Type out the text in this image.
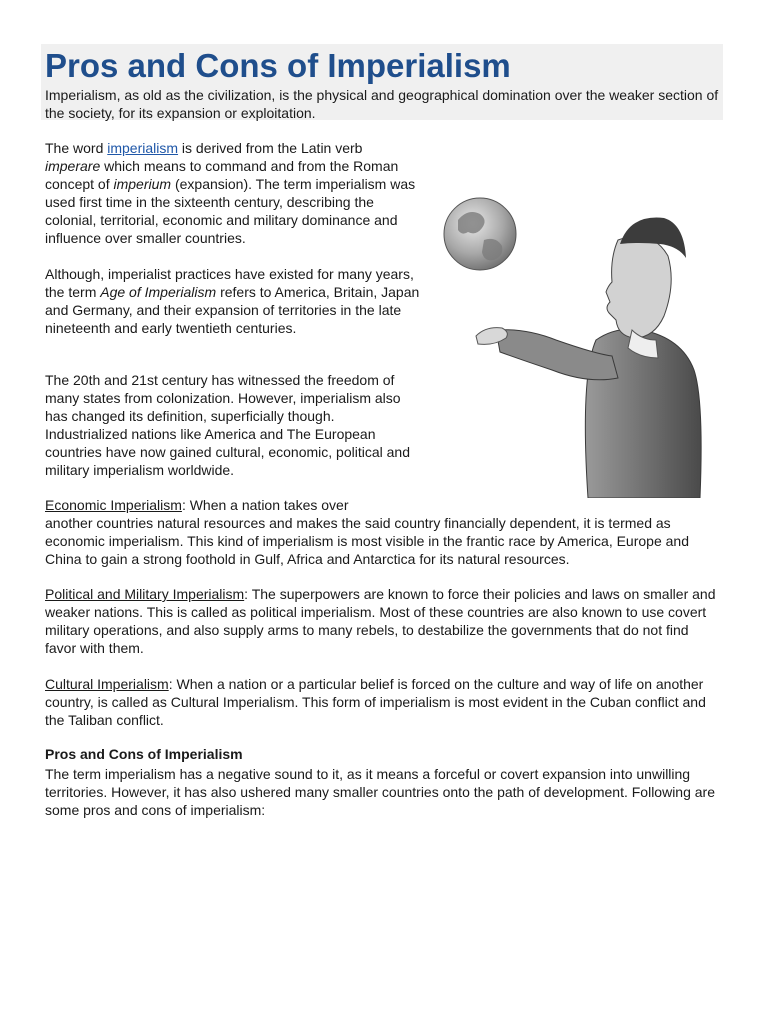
Pros and Cons of Imperialism

Imperialism, as old as the civilization, is the physical and geographical domination over the weaker section of the society, for its expansion or exploitation.

The word imperialism is derived from the Latin verb imperare which means to command and from the Roman concept of imperium (expansion). The term imperialism was used first time in the sixteenth century, describing the colonial, territorial, economic and military dominance and influence over smaller countries.

Although, imperialist practices have existed for many years, the term Age of Imperialism refers to America, Britain, Japan and Germany, and their expansion of territories in the late nineteenth and early twentieth centuries.

The 20th and 21st century has witnessed the freedom of many states from colonization. However, imperialism also has changed its definition, superficially though. Industrialized nations like America and The European countries have now gained cultural, economic, political and military imperialism worldwide.

Economic Imperialism: When a nation takes over

another countries natural resources and makes the said country financially dependent, it is termed as economic imperialism. This kind of imperialism is most visible in the frantic race by America, Europe and China to gain a strong foothold in Gulf, Africa and Antarctica for its natural resources.

Political and Military Imperialism: The superpowers are known to force their policies and laws on smaller and weaker nations. This is called as political imperialism. Most of these countries are also known to use covert military operations, and also supply arms to many rebels, to destabilize the governments that do not find favor with them.

Cultural Imperialism: When a nation or a particular belief is forced on the culture and way of life on another country, is called as Cultural Imperialism. This form of imperialism is most evident in the Cuban conflict and the Taliban conflict.

Pros and Cons of Imperialism

The term imperialism has a negative sound to it, as it means a forceful or covert expansion into unwilling territories. However, it has also ushered many smaller countries onto the path of development. Following are some pros and cons of imperialism:
